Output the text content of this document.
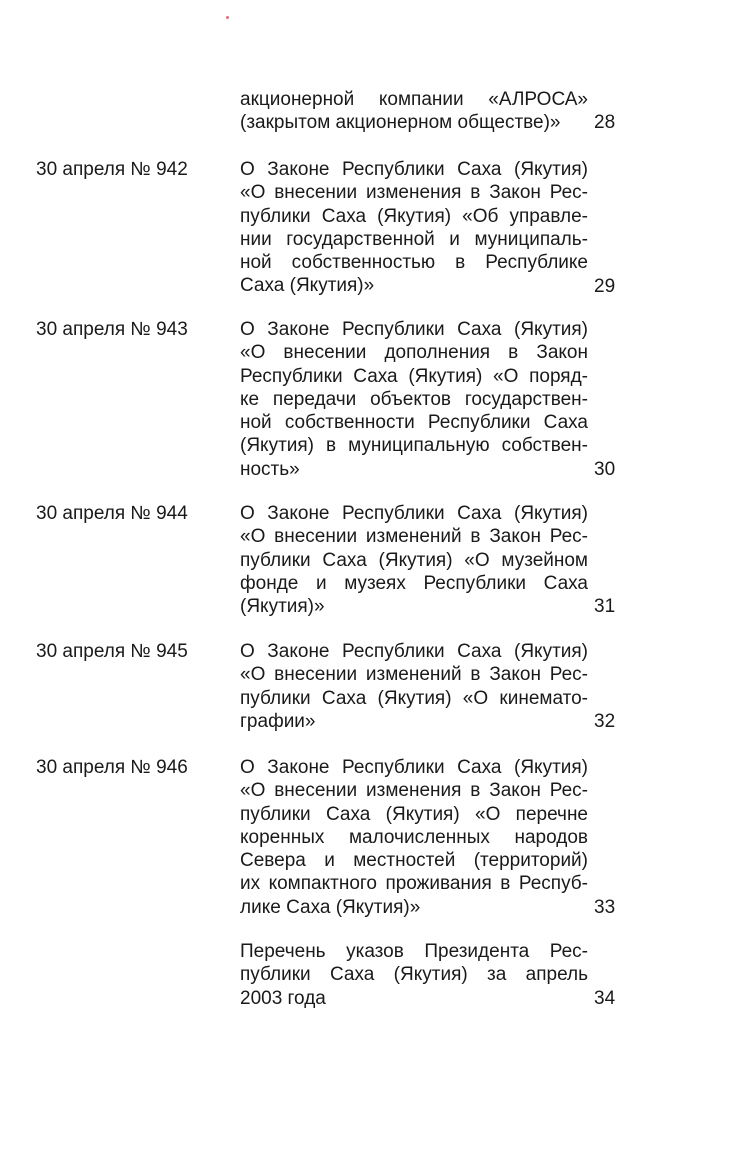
акционерной компании «АЛРОСА»
(закрытом акционерном обществе)»	28
30 апреля № 942	О Законе Республики Саха (Якутия)
«О внесении изменения в Закон Рес-
публики Саха (Якутия) «Об управле-
нии государственной и муниципаль-
ной собственностью в Республике
Саха (Якутия)»	29
30 апреля № 943	О Законе Республики Саха (Якутия)
«О внесении дополнения в Закон
Республики Саха (Якутия) «О поряд-
ке передачи объектов государствен-
ной собственности Республики Саха
(Якутия) в муниципальную собствен-
ность»	30
30 апреля № 944	О Законе Республики Саха (Якутия)
«О внесении изменений в Закон Рес-
публики Саха (Якутия) «О музейном
фонде и музеях Республики Саха
(Якутия)»	31
30 апреля № 945	О Законе Республики Саха (Якутия)
«О внесении изменений в Закон Рес-
публики Саха (Якутия) «О кинемато-
графии»	32
30 апреля № 946	О Законе Республики Саха (Якутия)
«О внесении изменения в Закон Рес-
публики Саха (Якутия) «О перечне
коренных малочисленных народов
Севера и местностей (территорий)
их компактного проживания в Респуб-
лике Саха (Якутия)»	33
Перечень указов Президента Рес-
публики Саха (Якутия) за апрель
2003 года	34
